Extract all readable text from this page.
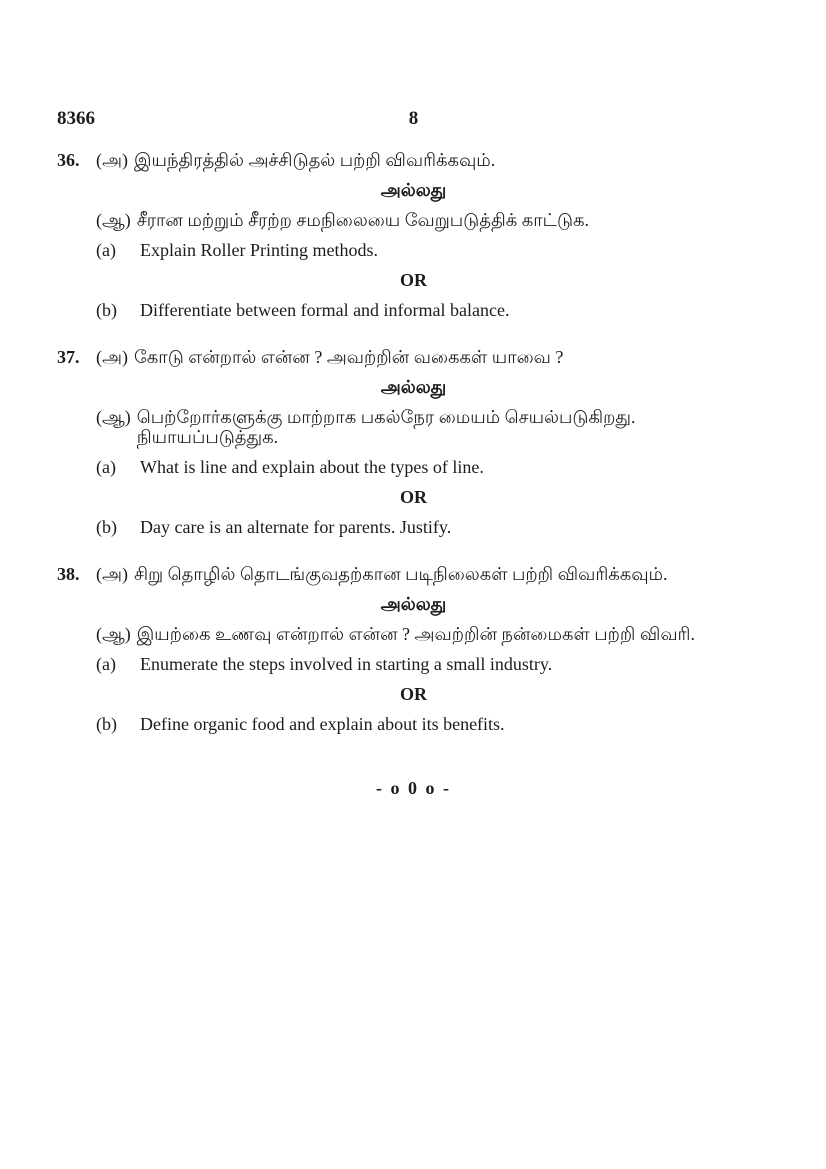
8366	8
36. (அ) இயந்திரத்தில் அச்சிடுதல் பற்றி விவரிக்கவும்.
அல்லது
(ஆ) சீரான மற்றும் சீரற்ற சமநிலையை வேறுபடுத்திக் காட்டுக.
(a)	Explain Roller Printing methods.
OR
(b)	Differentiate between formal and informal balance.
37. (அ) கோடு என்றால் என்ன ? அவற்றின் வகைகள் யாவை ?
அல்லது
(ஆ) பெற்றோர்களுக்கு மாற்றாக பகல்நேர மையம் செயல்படுகிறது. நியாயப்படுத்துக.
(a)	What is line and explain about the types of line.
OR
(b)	Day care is an alternate for parents. Justify.
38. (அ) சிறு தொழில் தொடங்குவதற்கான படிநிலைகள் பற்றி விவரிக்கவும்.
அல்லது
(ஆ) இயற்கை உணவு என்றால் என்ன ? அவற்றின் நன்மைகள் பற்றி விவரி.
(a)	Enumerate the steps involved in starting a small industry.
OR
(b)	Define organic food and explain about its benefits.
- o 0 o -
